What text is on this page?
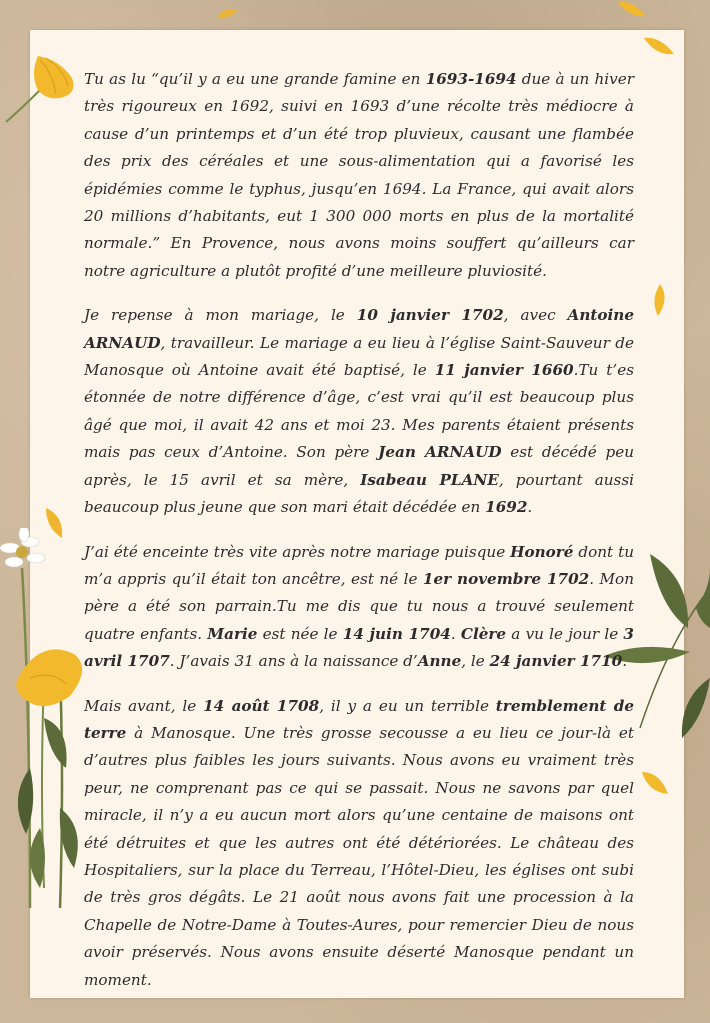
Tu as lu “qu’il y a eu une grande famine en 1693-1694 due à un hiver très rigoureux en 1692, suivi en 1693 d’une récolte très médiocre à cause d’un printemps et d’un été trop pluvieux, causant une flambée des prix des céréales et une sous-alimentation qui a favorisé les épidémies comme le typhus, jusqu’en 1694. La France, qui avait alors 20 millions d’habitants, eut 1 300 000 morts en plus de la mortalité normale.” En Provence, nous avons moins souffert qu’ailleurs car notre agriculture a plutôt profité d’une meilleure pluviosité.

Je repense à mon mariage, le 10 janvier 1702, avec Antoine ARNAUD, travailleur. Le mariage a eu lieu à l’église Saint-Sauveur de Manosque où Antoine avait été baptisé, le 11 janvier 1660.Tu t’es étonnée de notre différence d’âge, c’est vrai qu’il est beaucoup plus âgé que moi, il avait 42 ans et moi 23. Mes parents étaient présents mais pas ceux d’Antoine. Son père Jean ARNAUD est décédé peu après, le 15 avril et sa mère, Isabeau PLANE, pourtant aussi beaucoup plus jeune que son mari était décédée en 1692.

J’ai été enceinte très vite après notre mariage puisque Honoré dont tu m’a appris qu’il était ton ancêtre, est né le 1er novembre 1702. Mon père a été son parrain.Tu me dis que tu nous a trouvé seulement quatre enfants. Marie est née le 14 juin 1704. Clère a vu le jour le 3 avril 1707. J’avais 31 ans à la naissance d’Anne, le 24 janvier 1710.

Mais avant, le 14 août 1708, il y a eu un terrible tremblement de terre à Manosque. Une très grosse secousse a eu lieu ce jour-là et d’autres plus faibles les jours suivants. Nous avons eu vraiment très peur, ne comprenant pas ce qui se passait. Nous ne savons par quel miracle, il n’y a eu aucun mort alors qu’une centaine de maisons ont été détruites et que les autres ont été détériorées. Le château des Hospitaliers, sur la place du Terreau, l’Hôtel-Dieu, les églises ont subi de très gros dégâts. Le 21 août nous avons fait une procession à la Chapelle de Notre-Dame à Toutes-Aures, pour remercier Dieu de nous avoir préservés. Nous avons ensuite déserté Manosque pendant un moment.
